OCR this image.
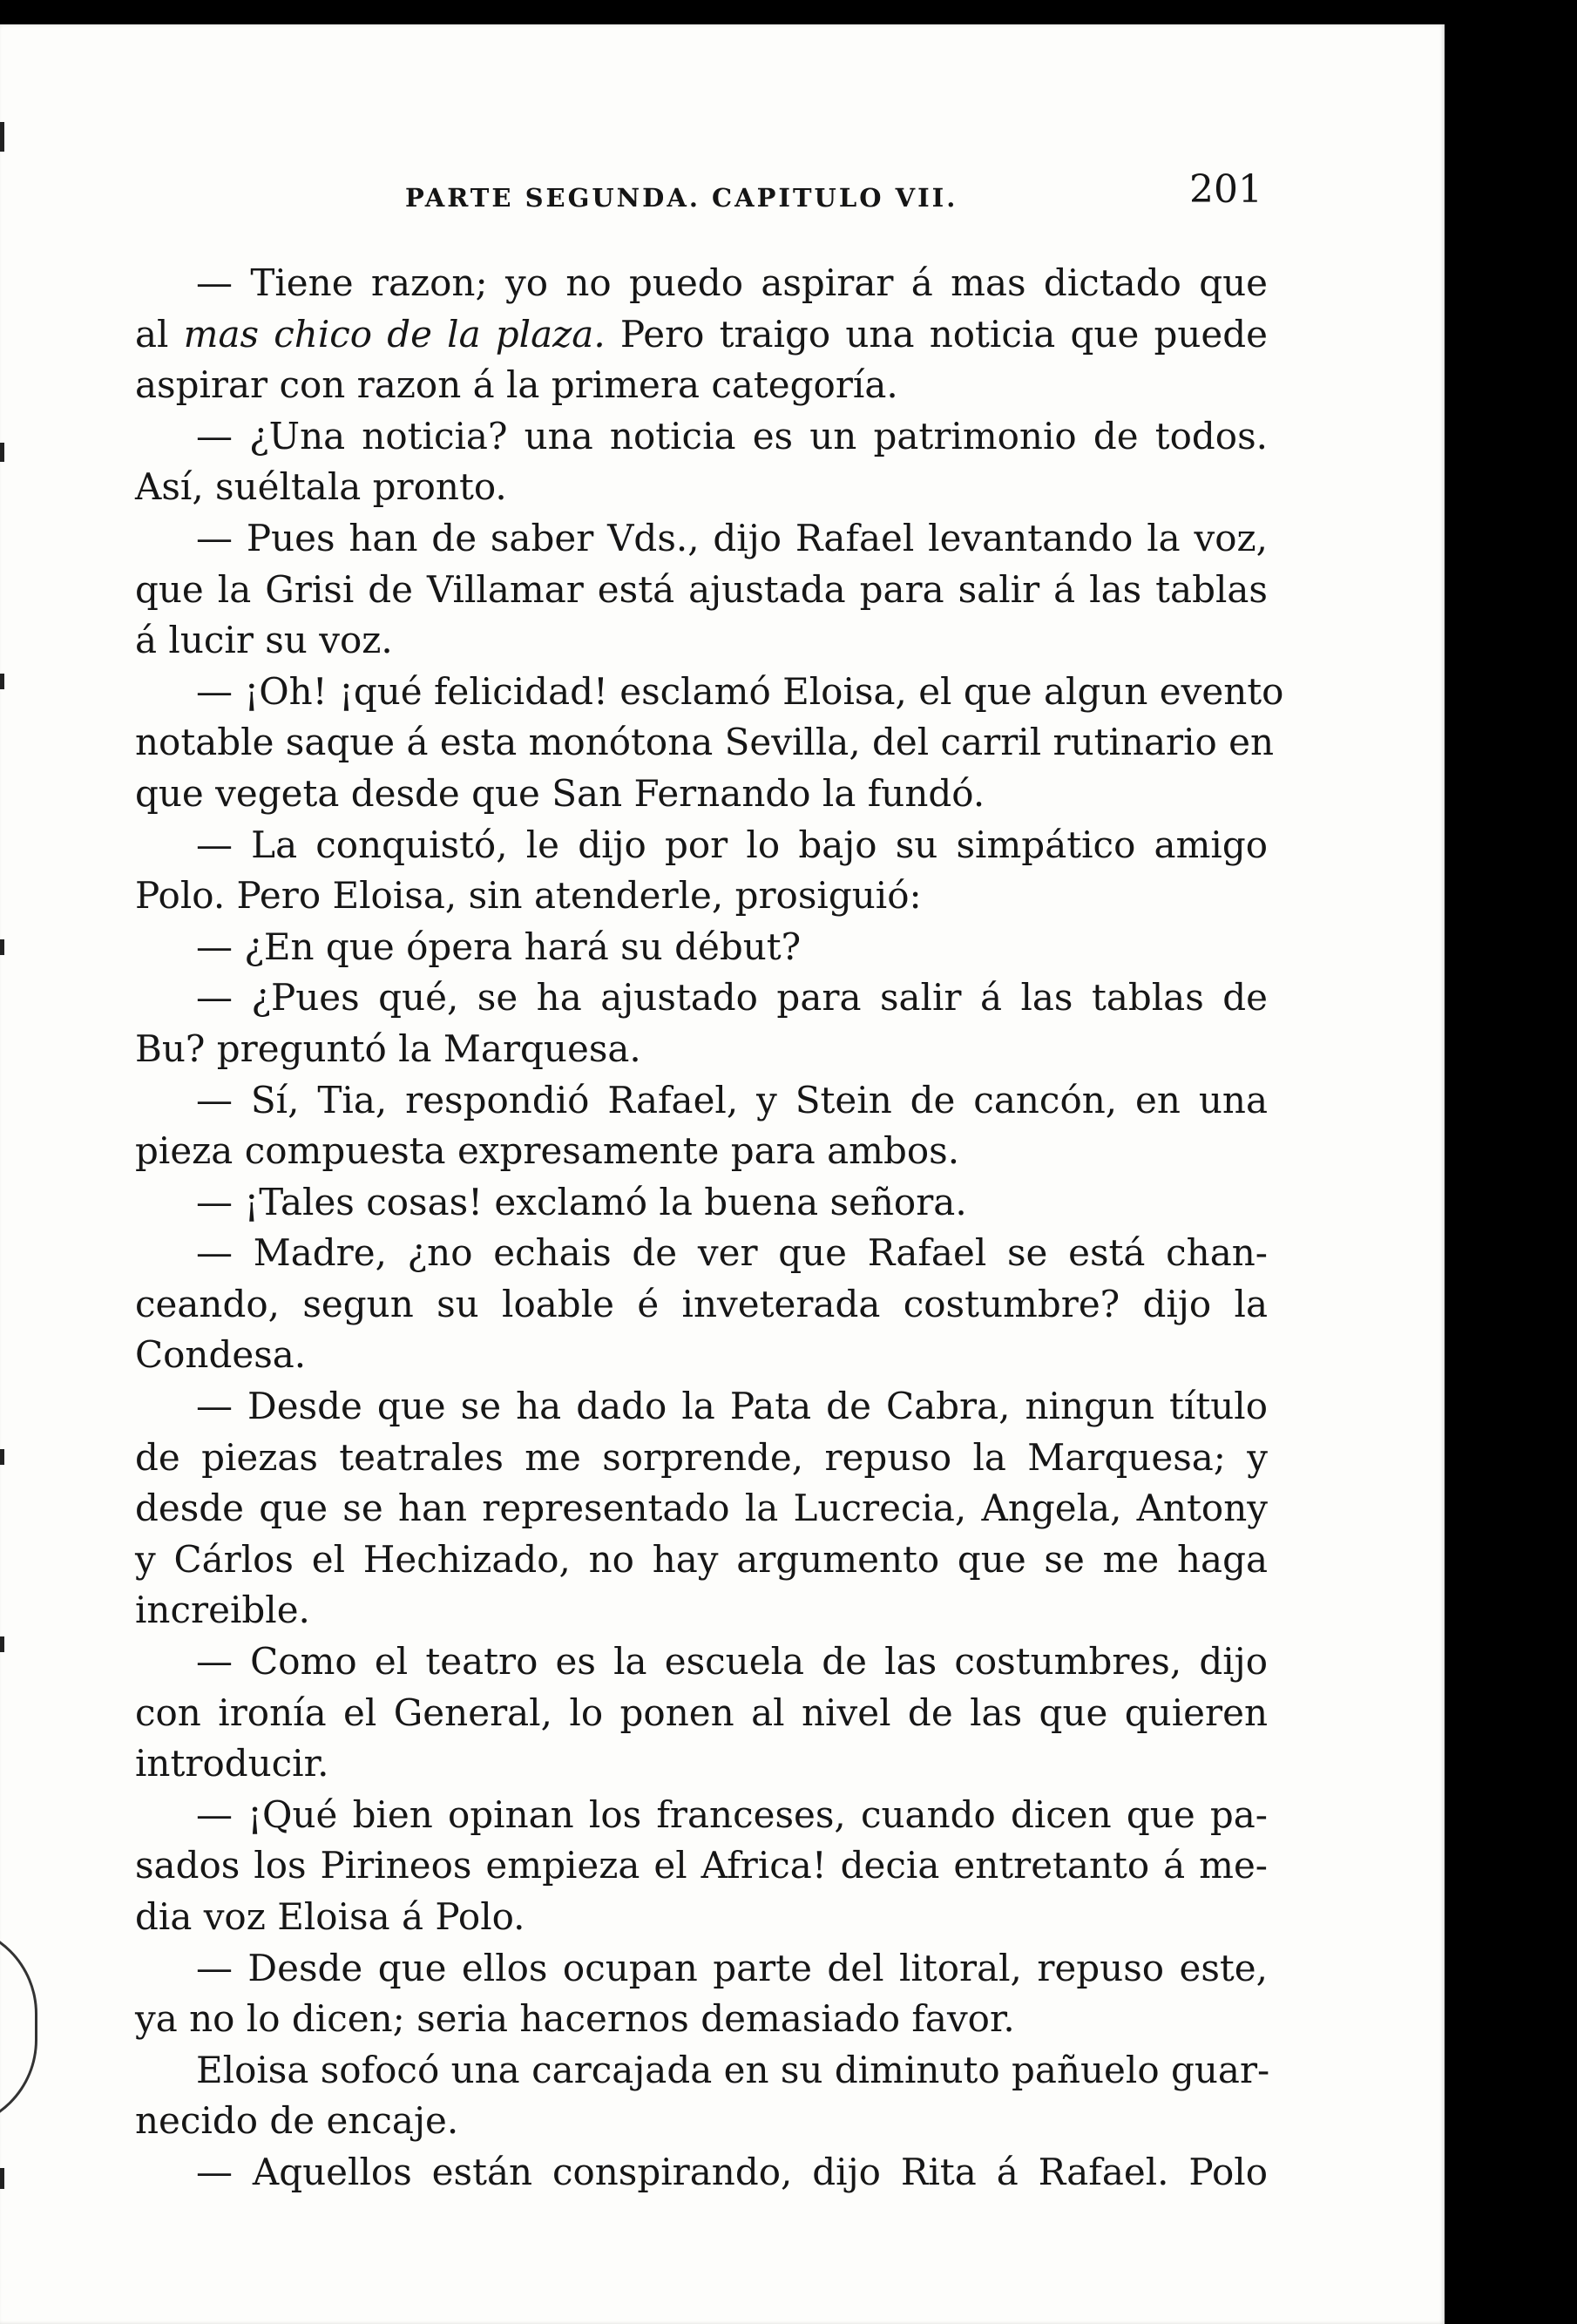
PARTE SEGUNDA. CAPITULO VII.	201
— Tiene razon; yo no puedo aspirar á mas dictado que
al mas chico de la plaza. Pero traigo una noticia que puede
aspirar con razon á la primera categoría.
— ¿Una noticia? una noticia es un patrimonio de todos.
Así, suéltala pronto.
— Pues han de saber Vds., dijo Rafael levantando la voz,
que la Grisi de Villamar está ajustada para salir á las tablas
á lucir su voz.
— ¡Oh! ¡qué felicidad! esclamó Eloisa, el que algun evento
notable saque á esta monótona Sevilla, del carril rutinario en
que vegeta desde que San Fernando la fundó.
— La conquistó, le dijo por lo bajo su simpático amigo
Polo. Pero Eloisa, sin atenderle, prosiguió:
— ¿En que ópera hará su début?
— ¿Pues qué, se ha ajustado para salir á las tablas de
Bu? preguntó la Marquesa.
— Sí, Tia, respondió Rafael, y Stein de cancón, en una
pieza compuesta expresamente para ambos.
— ¡Tales cosas! exclamó la buena señora.
— Madre, ¿no echais de ver que Rafael se está chan-
ceando, segun su loable é inveterada costumbre? dijo la
Condesa.
— Desde que se ha dado la Pata de Cabra, ningun título
de piezas teatrales me sorprende, repuso la Marquesa; y
desde que se han representado la Lucrecia, Angela, Antony
y Cárlos el Hechizado, no hay argumento que se me haga
increible.
— Como el teatro es la escuela de las costumbres, dijo
con ironía el General, lo ponen al nivel de las que quieren
introducir.
— ¡Qué bien opinan los franceses, cuando dicen que pa-
sados los Pirineos empieza el Africa! decia entretanto á me-
dia voz Eloisa á Polo.
— Desde que ellos ocupan parte del litoral, repuso este,
ya no lo dicen; seria hacernos demasiado favor.
Eloisa sofocó una carcajada en su diminuto pañuelo guar-
necido de encaje.
— Aquellos están conspirando, dijo Rita á Rafael. Polo
